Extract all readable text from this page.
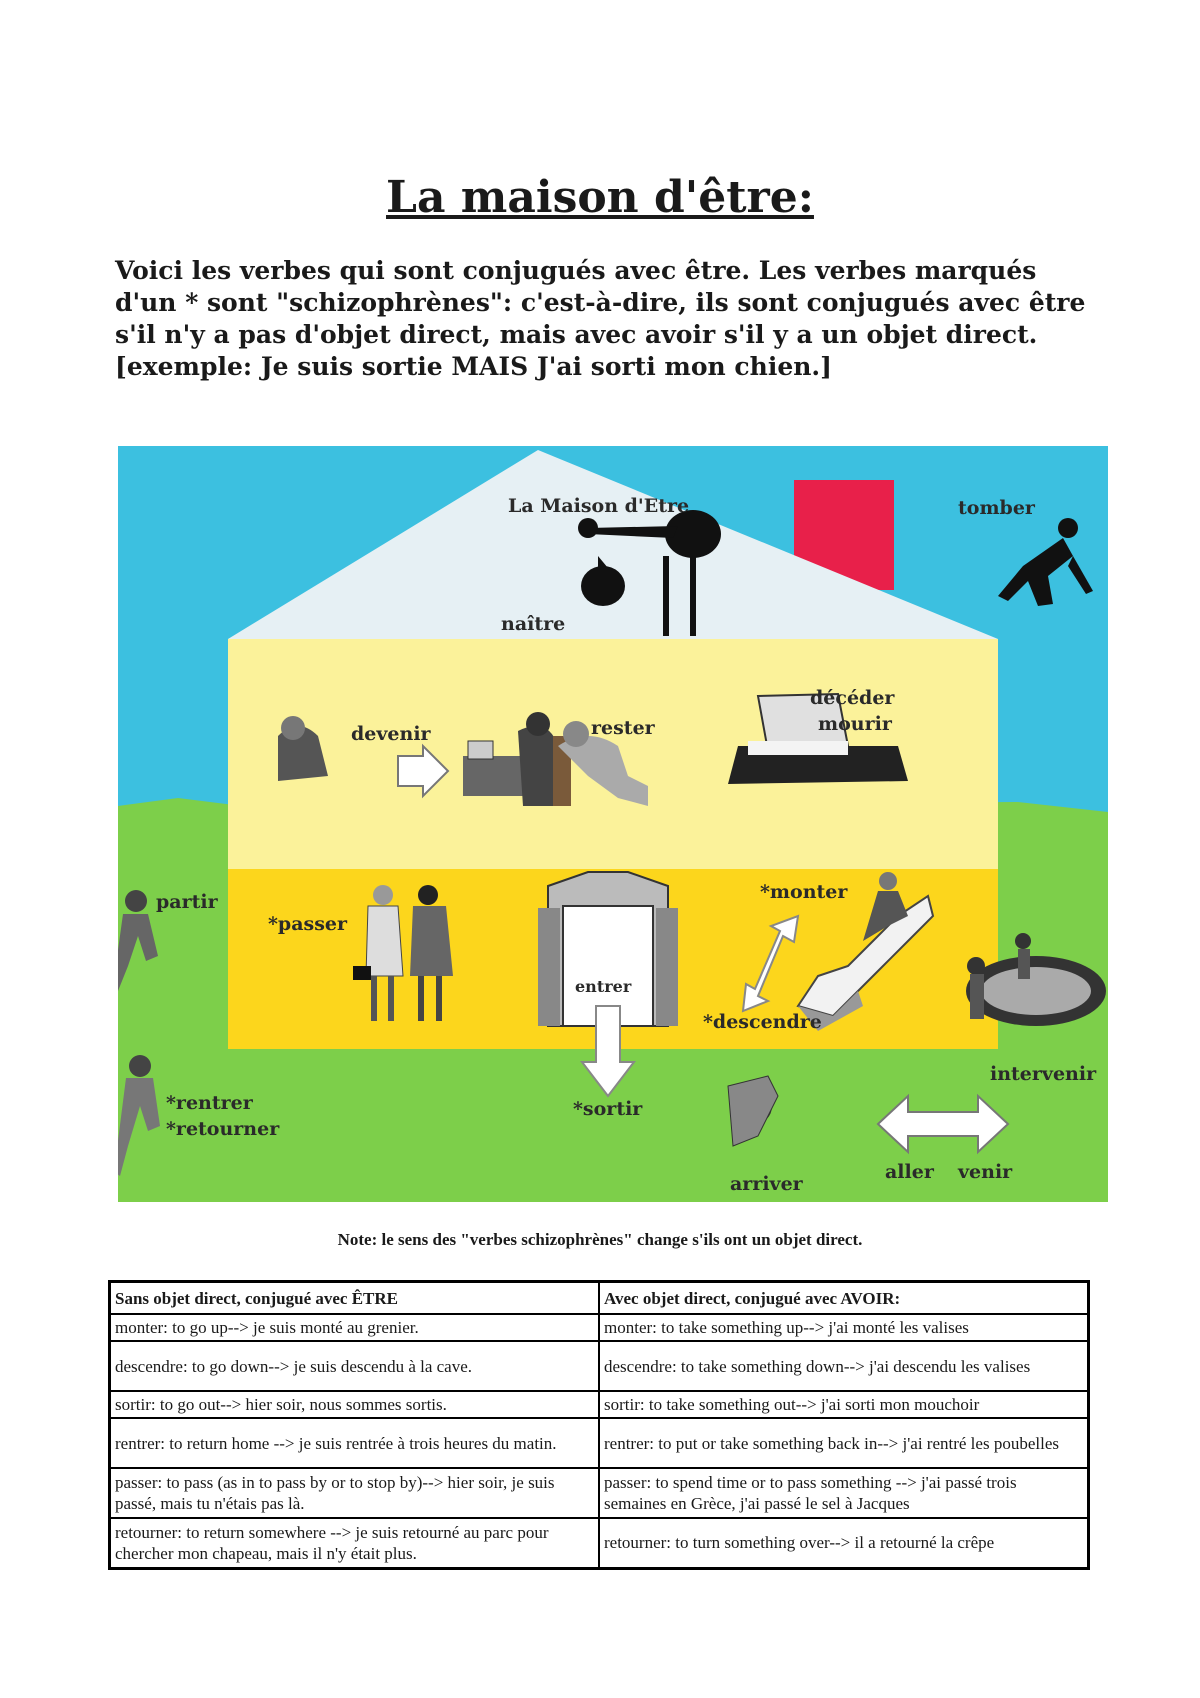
La maison d'être:

Voici les verbes qui sont conjugués avec être. Les verbes marqués d'un * sont "schizophrènes": c'est-à-dire, ils sont conjugués avec être s'il n'y a pas d'objet direct, mais avec avoir s'il y a un objet direct. [exemple: Je suis sortie MAIS J'ai sorti mon chien.]

La Maison d'Etre	tomber
naître
devenir	rester
décéder
mourir
partir
*passer
entrer
*monter
*descendre
*rentrer
*retourner
*sortir
intervenir
arriver
aller venir

Note: le sens des "verbes schizophrènes" change s'ils ont un objet direct.

Sans objet direct, conjugué avec ÊTRE	Avec objet direct, conjugué avec AVOIR:
monter: to go up--> je suis monté au grenier.	monter: to take something up--> j'ai monté les valises
descendre: to go down--> je suis descendu à la cave.	descendre: to take something down--> j'ai descendu les valises
sortir: to go out--> hier soir, nous sommes sortis.	sortir: to take something out--> j'ai sorti mon mouchoir
rentrer: to return home --> je suis rentrée à trois heures du matin.	rentrer: to put or take something back in--> j'ai rentré les poubelles
passer: to pass (as in to pass by or to stop by)--> hier soir, je suis passé, mais tu n'étais pas là.	passer: to spend time or to pass something --> j'ai passé trois semaines en Grèce, j'ai passé le sel à Jacques
retourner: to return somewhere --> je suis retourné au parc pour chercher mon chapeau, mais il n'y était plus.	retourner: to turn something over--> il a retourné la crêpe
